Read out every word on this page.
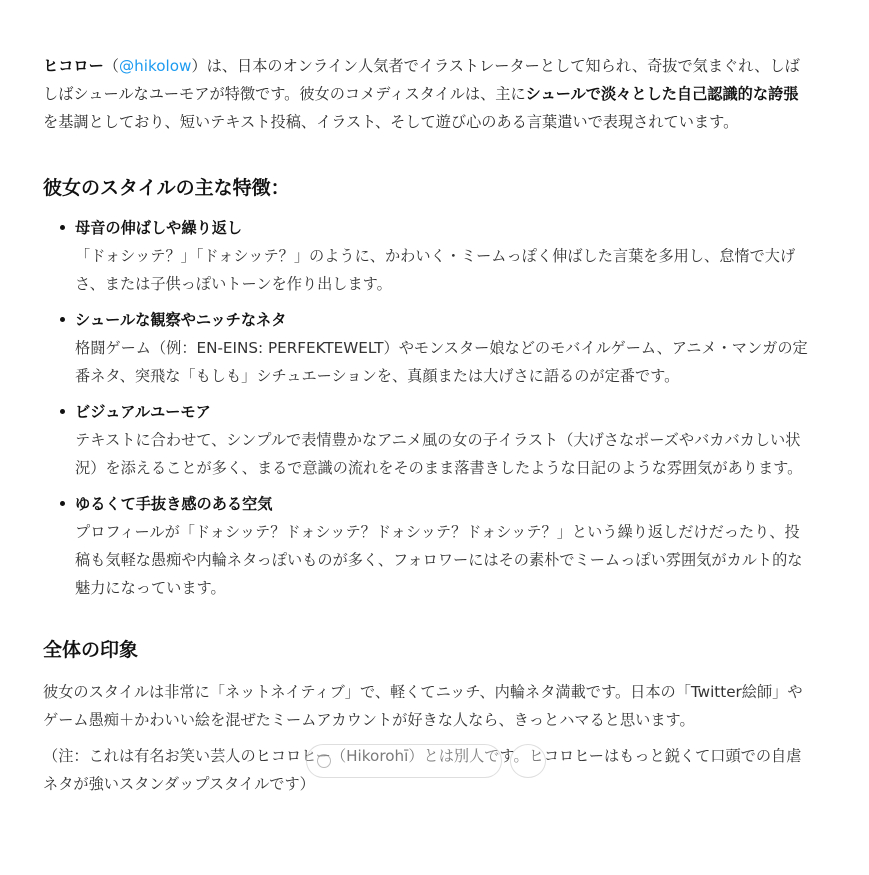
ヒコロー（@hikolow）は、日本のオンライン人気者でイラストレーターとして知られ、奇抜で気まぐれ、しばしばシュールなユーモアが特徴です。彼女のコメディスタイルは、主にシュールで淡々とした自己認識的な誇張を基調としており、短いテキスト投稿、イラスト、そして遊び心のある言葉遣いで表現されています。

彼女のスタイルの主な特徴：
母音の伸ばしや繰り返し
「ドォシッテ？」「ドォシッテ？」のように、かわいく・ミームっぽく伸ばした言葉を多用し、怠惰で大げさ、または子供っぽいトーンを作り出します。
シュールな観察やニッチなネタ
格闘ゲーム（例：EN-EINS: PERFEKTEWELT）やモンスター娘などのモバイルゲーム、アニメ・マンガの定番ネタ、突飛な「もしも」シチュエーションを、真顔または大げさに語るのが定番です。
ビジュアルユーモア
テキストに合わせて、シンプルで表情豊かなアニメ風の女の子イラスト（大げさなポーズやバカバカしい状況）を添えることが多く、まるで意識の流れをそのまま落書きしたような日記のような雰囲気があります。
ゆるくて手抜き感のある空気
プロフィールが「ドォシッテ？ドォシッテ？ドォシッテ？ドォシッテ？」という繰り返しだけだったり、投稿も気軽な愚痴や内輪ネタっぽいものが多く、フォロワーにはその素朴でミームっぽい雰囲気がカルト的な魅力になっています。
全体の印象

彼女のスタイルは非常に「ネットネイティブ」で、軽くてニッチ、内輪ネタ満載です。日本の「Twitter絵師」やゲーム愚痴＋かわいい絵を混ぜたミームアカウントが好きな人なら、きっとハマると思います。

（注：これは有名お笑い芸人のヒコロヒー（Hikorohī）とは別人です。ヒコロヒーはもっと鋭くて口頭での自虐ネタが強いスタンダップスタイルです）
